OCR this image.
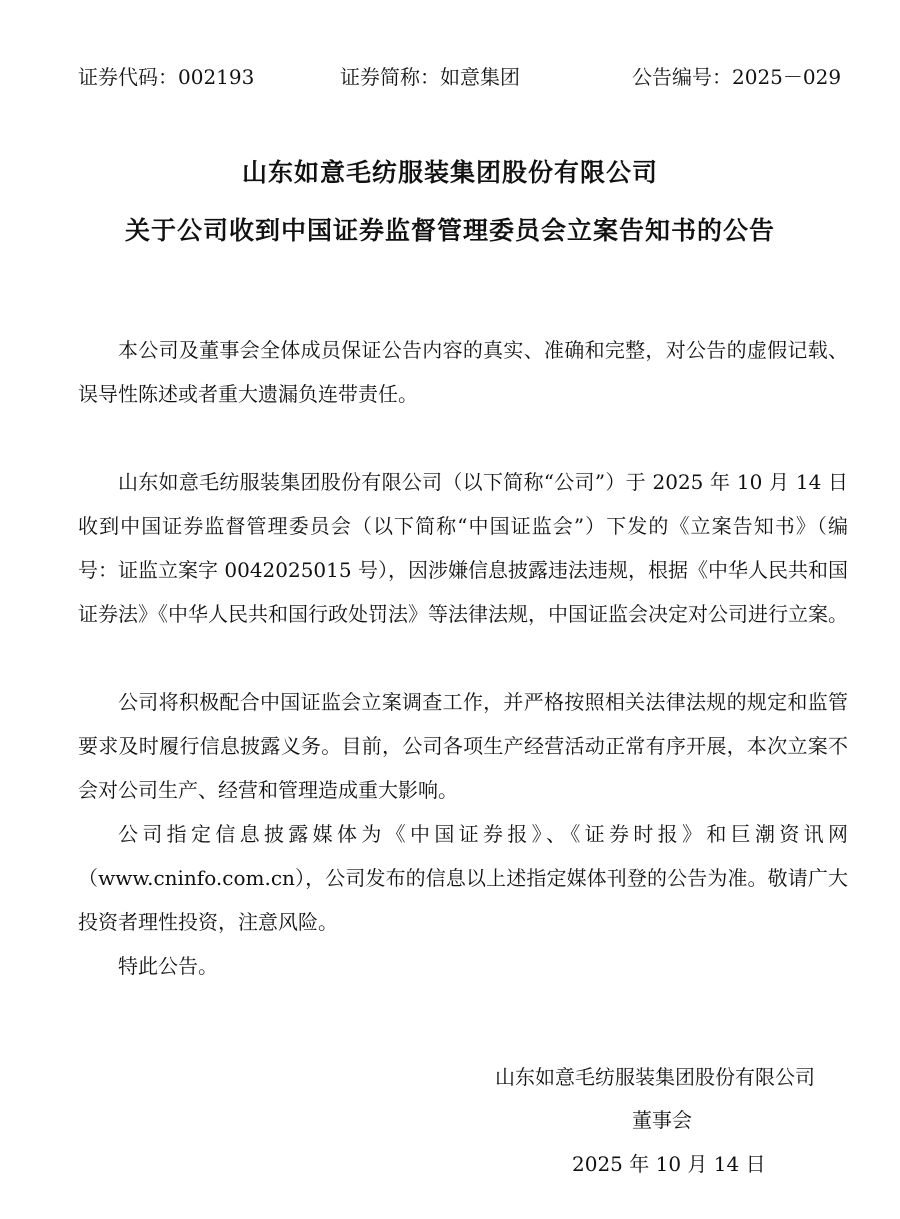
证券代码：002193	证券简称：如意集团	公告编号：2025－029
山东如意毛纺服装集团股份有限公司
关于公司收到中国证券监督管理委员会立案告知书的公告

本公司及董事会全体成员保证公告内容的真实、准确和完整，对公告的虚假记载、误导性陈述或者重大遗漏负连带责任。

山东如意毛纺服装集团股份有限公司（以下简称“公司”）于 2025 年 10 月 14 日收到中国证券监督管理委员会（以下简称“中国证监会”）下发的《立案告知书》（编号：证监立案字 0042025015 号），因涉嫌信息披露违法违规，根据《中华人民共和国证券法》《中华人民共和国行政处罚法》等法律法规，中国证监会决定对公司进行立案。

公司将积极配合中国证监会立案调查工作，并严格按照相关法律法规的规定和监管要求及时履行信息披露义务。目前，公司各项生产经营活动正常有序开展，本次立案不会对公司生产、经营和管理造成重大影响。

公司指定信息披露媒体为《中国证券报》、《证券时报》和巨潮资讯网（www.cninfo.com.cn），公司发布的信息以上述指定媒体刊登的公告为准。敬请广大投资者理性投资，注意风险。

特此公告。

山东如意毛纺服装集团股份有限公司
董事会
2025 年 10 月 14 日
